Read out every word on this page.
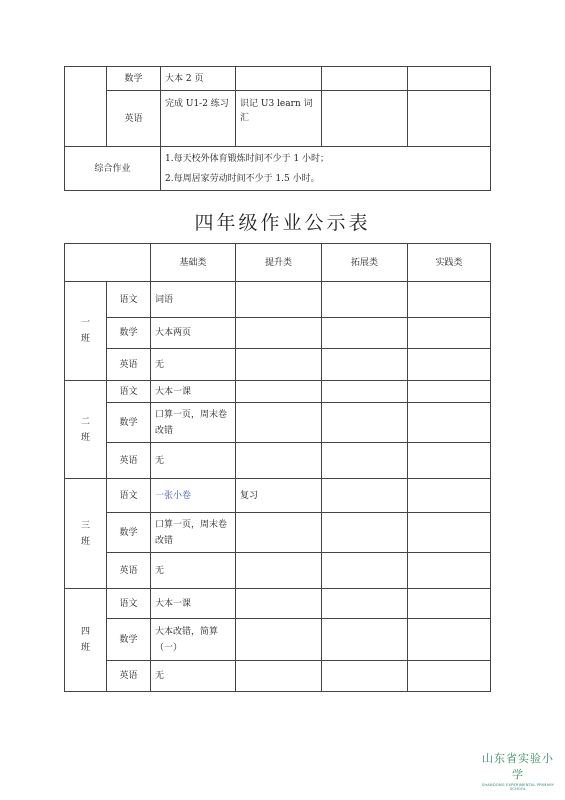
	数学	大本 2 页			
	英语	完成 U1-2 练习	识记 U3 learn 词汇		
综合作业		1.每天校外体育锻炼时间不少于 1 小时；
2.每周居家劳动时间不少于 1.5 小时。			
四年级作业公示表
		基础类	提升类	拓展类	实践类

一
班	语文	词语			
	数学	大本两页			
	英语	无			

二
班	语文	大本一课			
	数学	口算一页，周末卷改错			
	英语	无			

三
班	语文	一张小卷	复习		
	数学	口算一页，周末卷改错			
	英语	无			

四
班	语文	大本一课			
	数学	大本改错，简算（一）			
	英语	无			
山东省实验小学
SHANDONG EXPERIMENTAL PRIMARY SCHOOL
